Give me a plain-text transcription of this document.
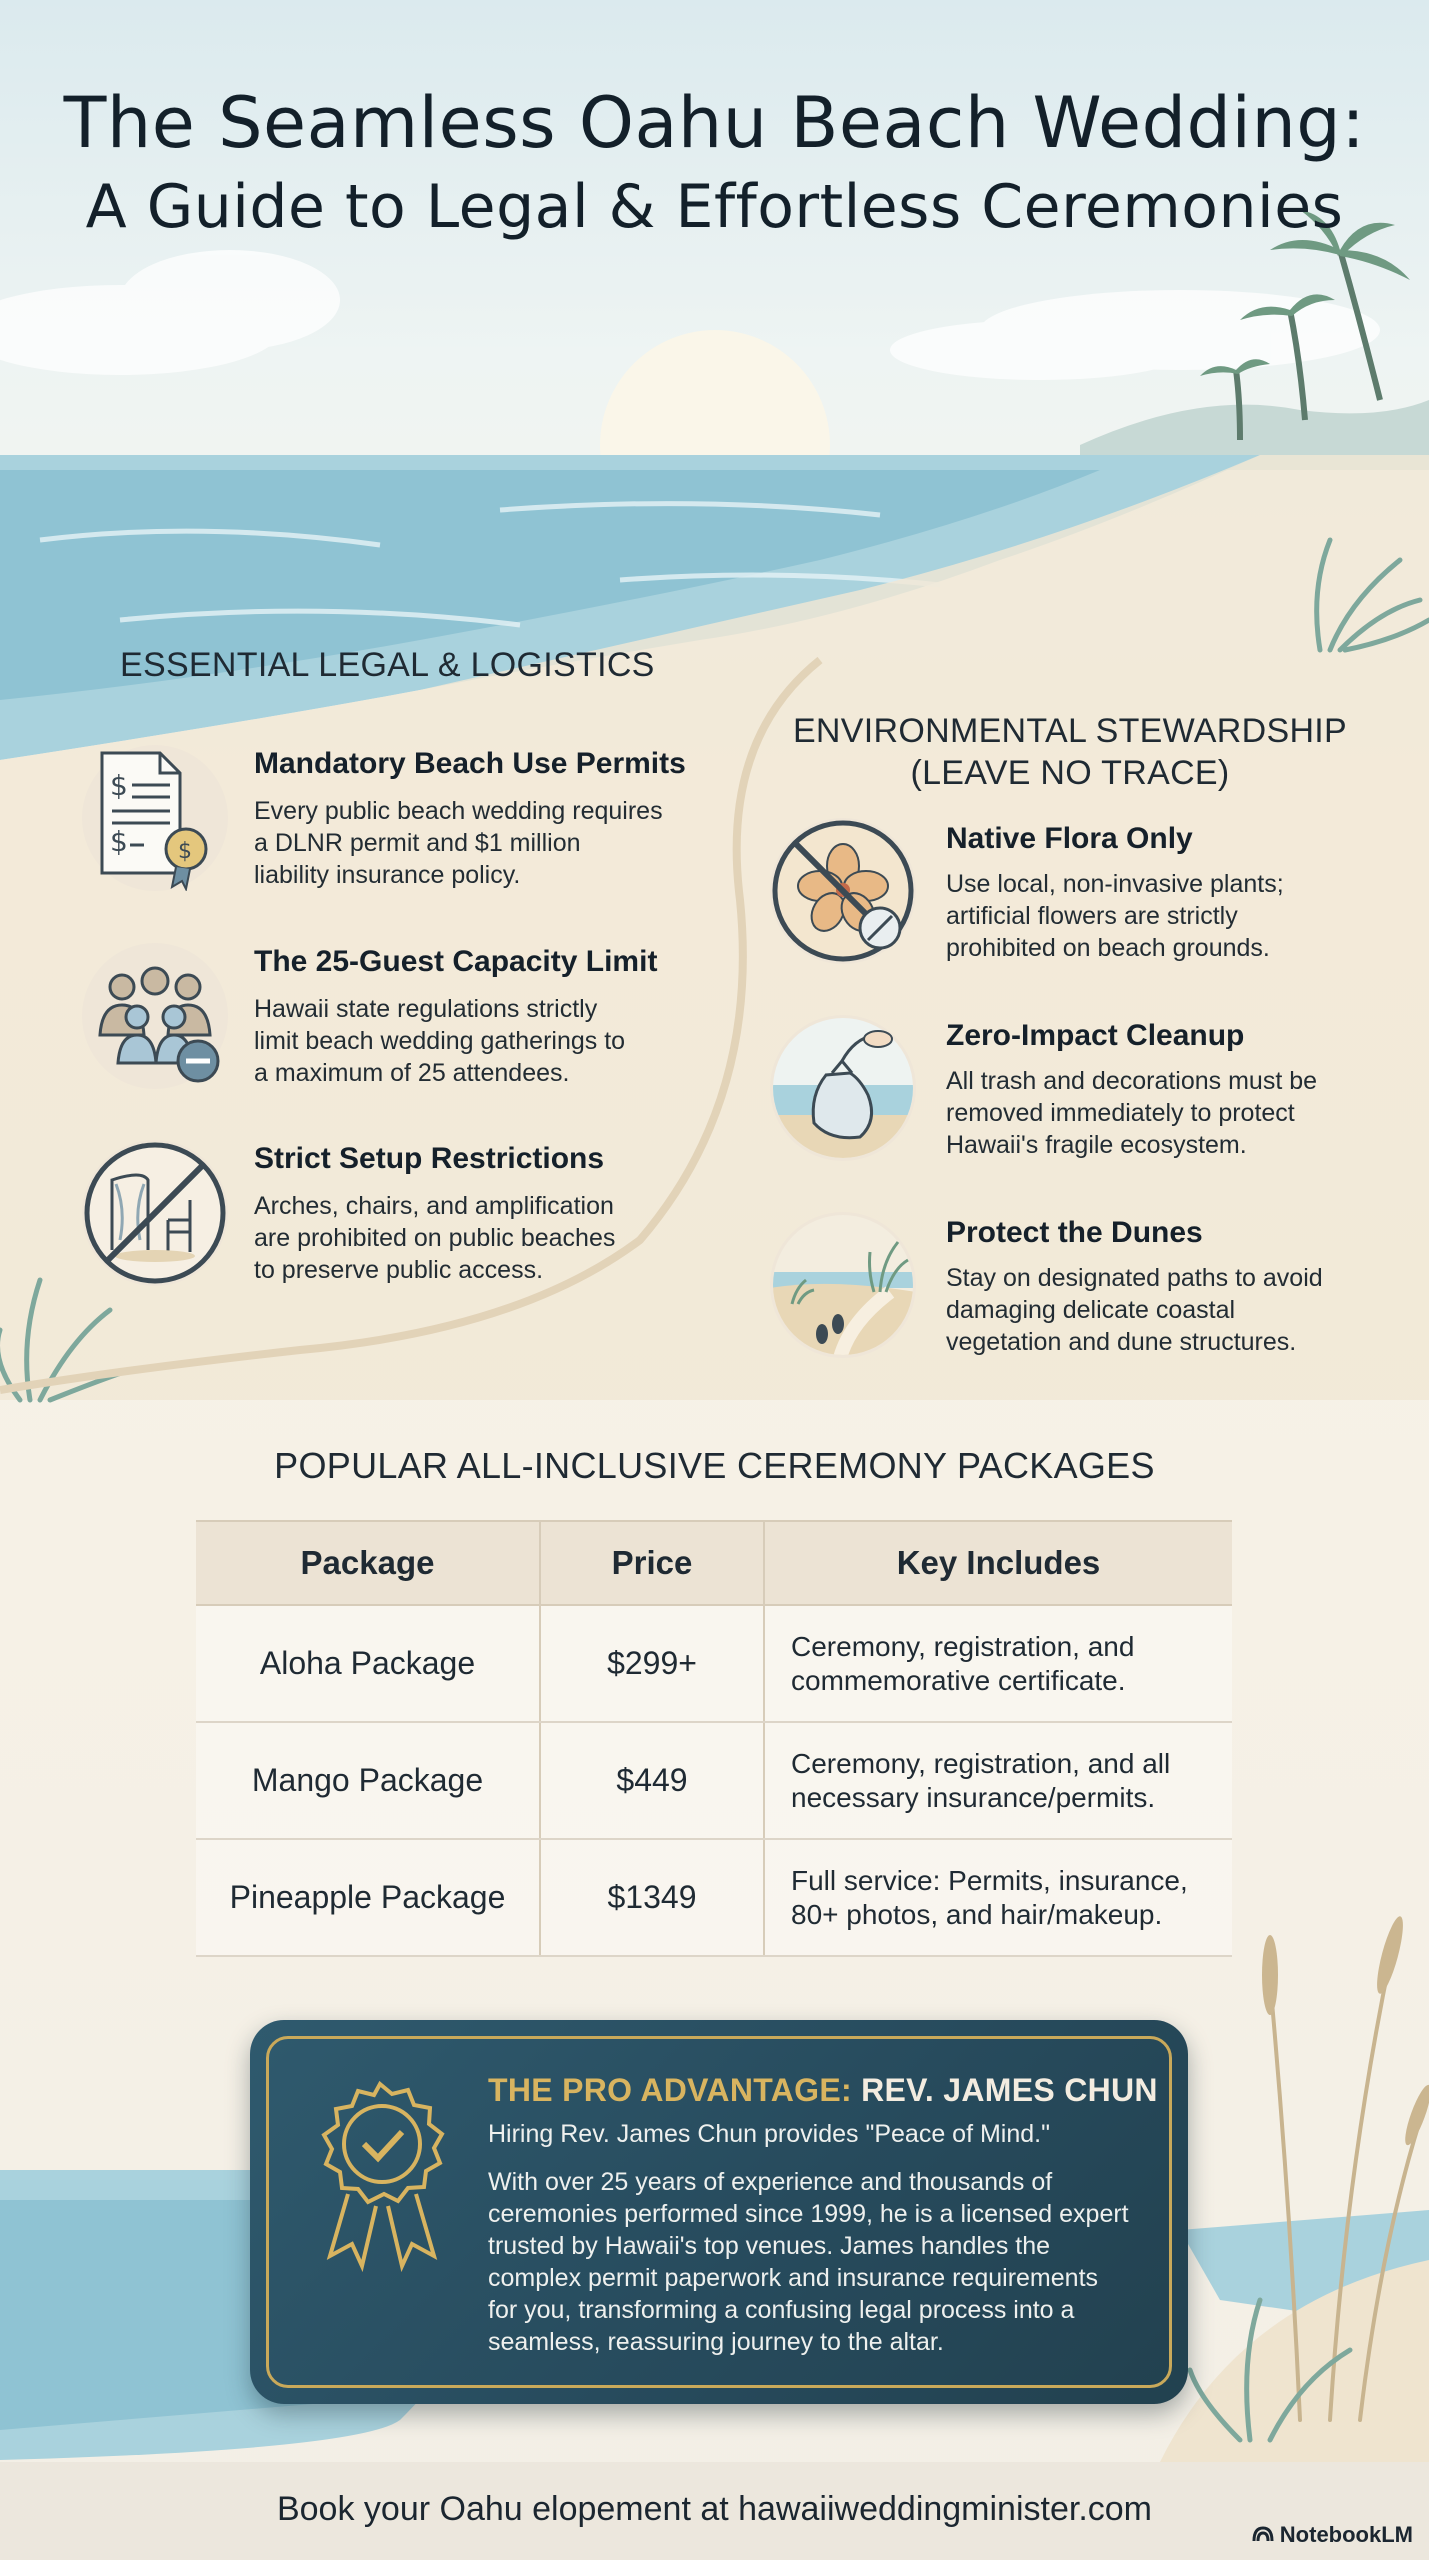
The Seamless Oahu Beach Wedding:
A Guide to Legal & Effortless Ceremonies
ESSENTIAL LEGAL & LOGISTICS
$
$ $
Mandatory Beach Use Permits
Every public beach wedding requires
a DLNR permit and $1 million
liability insurance policy.
The 25-Guest Capacity Limit
Hawaii state regulations strictly
limit beach wedding gatherings to
a maximum of 25 attendees.
Strict Setup Restrictions
Arches, chairs, and amplification
are prohibited on public beaches
to preserve public access.
ENVIRONMENTAL STEWARDSHIP
(LEAVE NO TRACE)
Native Flora Only
Use local, non-invasive plants;
artificial flowers are strictly
prohibited on beach grounds.
Zero-Impact Cleanup
All trash and decorations must be
removed immediately to protect
Hawaii's fragile ecosystem.
Protect the Dunes
Stay on designated paths to avoid
damaging delicate coastal
vegetation and dune structures.
POPULAR ALL-INCLUSIVE CEREMONY PACKAGES
Package	Price	Key Includes
Aloha Package	$299+	Ceremony, registration, and
commemorative certificate.

Mango Package	$449	Ceremony, registration, and all
necessary insurance/permits.

Pineapple Package	$1349	Full service: Permits, insurance,
80+ photos, and hair/makeup.
THE PRO ADVANTAGE: REV. JAMES CHUN
Hiring Rev. James Chun provides "Peace of Mind."
With over 25 years of experience and thousands of
ceremonies performed since 1999, he is a licensed expert
trusted by Hawaii's top venues. James handles the
complex permit paperwork and insurance requirements
for you, transforming a confusing legal process into a
seamless, reassuring journey to the altar.
Book your Oahu elopement at hawaiiweddingminister.com
NotebookLM
